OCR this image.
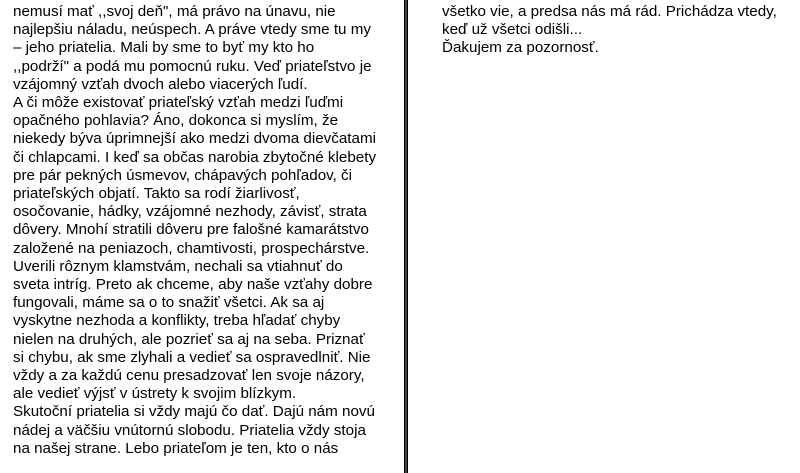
nemusí mať ,,svoj deň", má právo na únavu, nie
najlepšiu náladu, neúspech. A práve vtedy sme tu my
– jeho priatelia. Mali by sme to byť my kto ho
,,podrží" a podá mu pomocnú ruku. Veď priateľstvo je
vzájomný vzťah dvoch alebo viacerých ľudí.
A či môže existovať priateľský vzťah medzi ľuďmi
opačného pohlavia? Áno, dokonca si myslím, že
niekedy býva úprimnejší ako medzi dvoma dievčatami
či chlapcami. I keď sa občas narobia zbytočné klebety
pre pár pekných úsmevov, chápavých pohľadov, či
priateľských objatí. Takto sa rodí žiarlivosť,
osočovanie, hádky, vzájomné nezhody, závisť, strata
dôvery. Mnohí stratili dôveru pre falošné kamarátstvo
založené na peniazoch, chamtivosti, prospechárstve.
Uverili rôznym klamstvám, nechali sa vtiahnuť do
sveta intríg. Preto ak chceme, aby naše vzťahy dobre
fungovali, máme sa o to snažiť všetci. Ak sa aj
vyskytne nezhoda a konflikty, treba hľadať chyby
nielen na druhých, ale pozrieť sa aj na seba. Priznať
si chybu, ak sme zlyhali a vedieť sa ospravedlniť. Nie
vždy a za každú cenu presadzovať len svoje názory,
ale vedieť výjsť v ústrety k svojim blízkym.
Skutoční priatelia si vždy majú čo dať. Dajú nám novú
nádej a väčšiu vnútornú slobodu. Priatelia vždy stoja
na našej strane. Lebo priateľom je ten, kto o nás
všetko vie, a predsa nás má rád. Prichádza vtedy,
keď už všetci odišli...
Ďakujem za pozornosť.
